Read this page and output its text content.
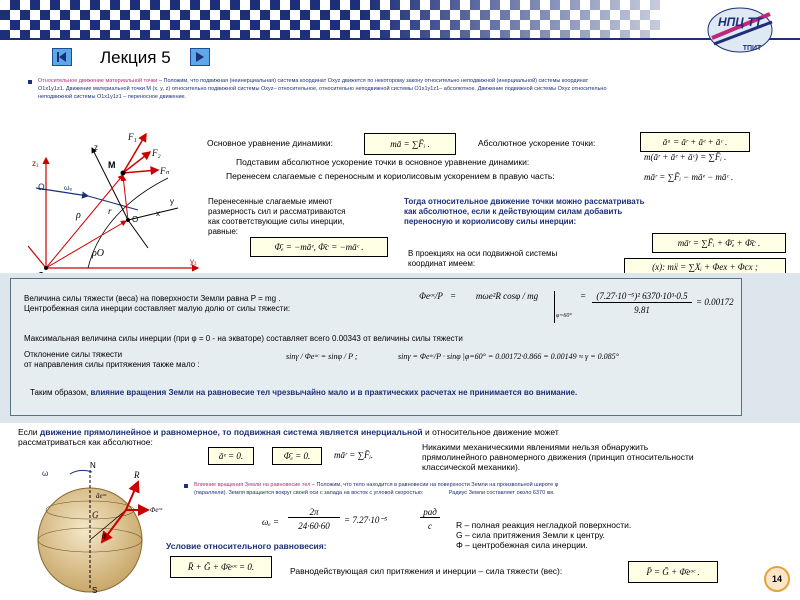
НПЦ ТТ
ТПИТ
Лекция 5
Относительное движение материальной точки – Положим, что подвижная (неинерциальная) система координат Oxyz движется по некоторому закону относительно неподвижной (инерциальной) системы координат
O1x1y1z1. Движение материальной точки M (x, y, z) относительно подвижной системы Oxyz– относительное, относительно неподвижной системы O1x1y1z1– абсолютное. Движение подвижной системы Oxyz относительно
неподвижной системы O1x1y1z1 – переносное движение.
z₁
Ω	ωₑ
z
M
F₁
F₂
Fₙ
y
x
ρ	r
O
ρO
y₁
Основное уравнение динамики:	mā = ∑F̄ᵢ .	Абсолютное ускорение точки:	āᵃ = āʳ + āᵉ + āᶜ .
Подставим абсолютное ускорение точки в основное уравнение динамики:	m(āʳ + āᵉ + āᶜ) = ∑F̄ᵢ .
Перенесем слагаемые с переносным и кориолисовым ускорением в правую часть:	māʳ = ∑F̄ᵢ − māᵉ − māᶜ .
Перенесенные слагаемые имеют
размерность сил и рассматриваются
как соответствующие силы инерции,
равные:
Φ̄ₑ = −māᵉ, Φ̄c = −māᶜ .
Тогда относительное движение точки можно рассматривать
как абсолютное, если к действующим силам добавить
переносную и кориолисову силы инерции:
māʳ = ∑F̄ᵢ + Φ̄ₑ + Φ̄c .
В проекциях на оси подвижной системы
координат имеем:	(x): mẍ = ∑Xᵢ + Φex + Φcx ;
Величина силы тяжести (веса) на поверхности Земли равна P = mg .
Центробежная сила инерции составляет малую долю от силы тяжести:
Φeᵒᶜ/P =	mωe²R cosφ / mg
φ=60°
=	(7.27·10⁻⁵)² 6370·10³·0.5
9.81
= 0.00172
Максимальная величина силы инерции (при φ = 0 - на экваторе) составляет всего 0.00343 от величины силы тяжести
Отклонение силы тяжести
от направления силы притяжения также мало :
sinγ / Φeᵒᶜ = sinφ / P ;	sinγ = Φeᵒᶜ/P · sinφ |φ=60° = 0.00172·0.866 = 0.00149 ≈ γ = 0.085°
Таким образом, влияние вращения Земли на равновесие тел чрезвычайно мало и в практических расчетах не принимается во внимание.
Если движение прямолинейное и равномерное, то подвижная система является инерциальной и относительное движение может
рассматриваться как абсолютное:
āᵉ = 0.	Φ̄ₑ = 0.	māʳ = ∑F̄ᵢ.
Никакими механическими явлениями нельзя обнаружить
прямолинейного равномерного движения (принцип относительности
классической механики).
ω
N
R
āeᵒᶜ
G	Φeᵒᶜ
φ
S
Влияние вращения Земли на равновесие тел – Положим, что тело находится в равновесии на поверхности Земли на произвольной широте φ
(параллели). Земля вращается вокруг своей оси с запада на восток с угловой скоростью:	Радиус Земли составляет около 6370 км.
ωₑ =
2π
24·60·60
= 7.27·10⁻⁵
рад
с	R – полная реакция негладкой поверхности.
G – сила притяжения Земли к центру.
Φ – центробежная сила инерции.
Условие относительного равновесия:
R̄ + Ḡ + Φ̄eᵒᶜ = 0.	Равнодействующая сил притяжения и инерции – сила тяжести (вес):	P̄ = Ḡ + Φ̄eᵒᶜ .
14
